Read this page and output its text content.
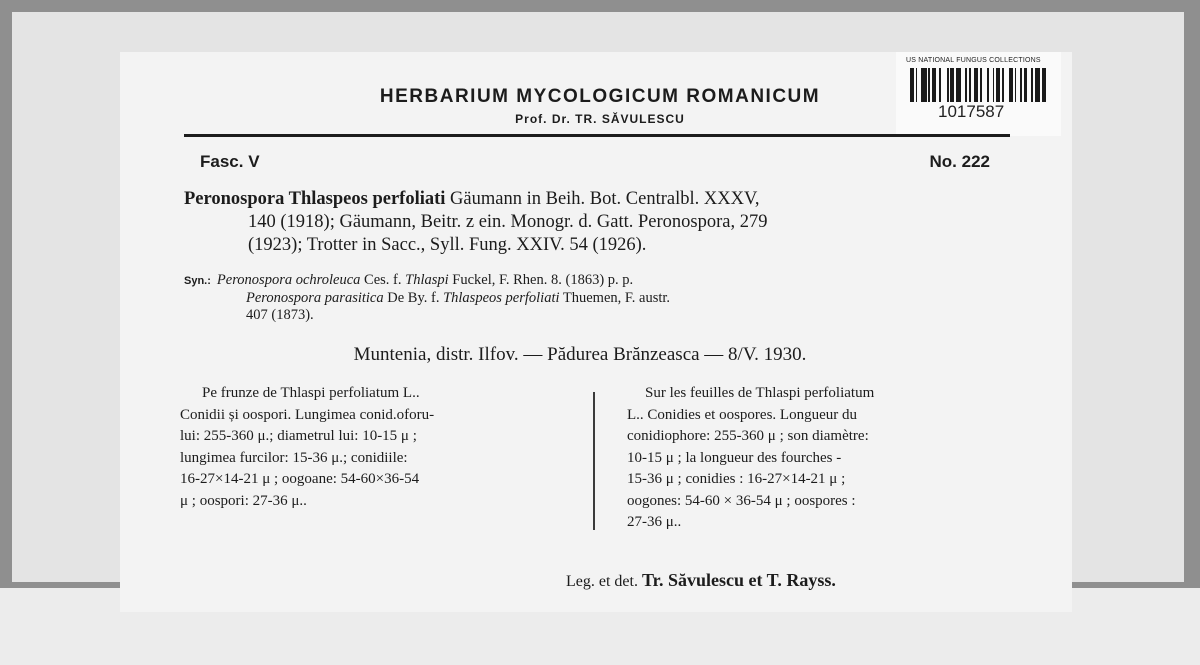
US NATIONAL FUNGUS COLLECTIONS
1017587
HERBARIUM MYCOLOGICUM ROMANICUM
Prof. Dr. TR. SĂVULESCU
Fasc. V	No. 222
Peronospora Thlaspeos perfoliati Gäumann in Beih. Bot. Centralbl. XXXV,
140 (1918); Gäumann, Beitr. z ein. Monogr. d. Gatt. Peronospora, 279
(1923); Trotter in Sacc., Syll. Fung. XXIV. 54 (1926).
Syn.: Peronospora ochroleuca Ces. f. Thlaspi Fuckel, F. Rhen. 8. (1863) p. p.
Peronospora parasitica De By. f. Thlaspeos perfoliati Thuemen, F. austr.
407 (1873).
Muntenia, distr. Ilfov. — Pădurea Brănzeasca — 8/V. 1930.
Pe frunze de Thlaspi perfoliatum L..
Conidii și oospori. Lungimea conid.oforu-
lui: 255-360 μ.; diametrul lui: 10-15 μ ;
lungimea furcilor: 15-36 μ.; conidiile:
16-27×14-21 μ ; oogoane: 54-60×36-54
μ ; oospori: 27-36 μ..
Sur les feuilles de Thlaspi perfoliatum
L.. Conidies et oospores. Longueur du
conidiophore: 255-360 μ ; son diamètre:
10-15 μ ; la longueur des fourches -
15-36 μ ; conidies : 16-27×14-21 μ ;
oogones: 54-60 × 36-54 μ ; oospores :
27-36 μ..
Leg. et det. Tr. Săvulescu et T. Rayss.
